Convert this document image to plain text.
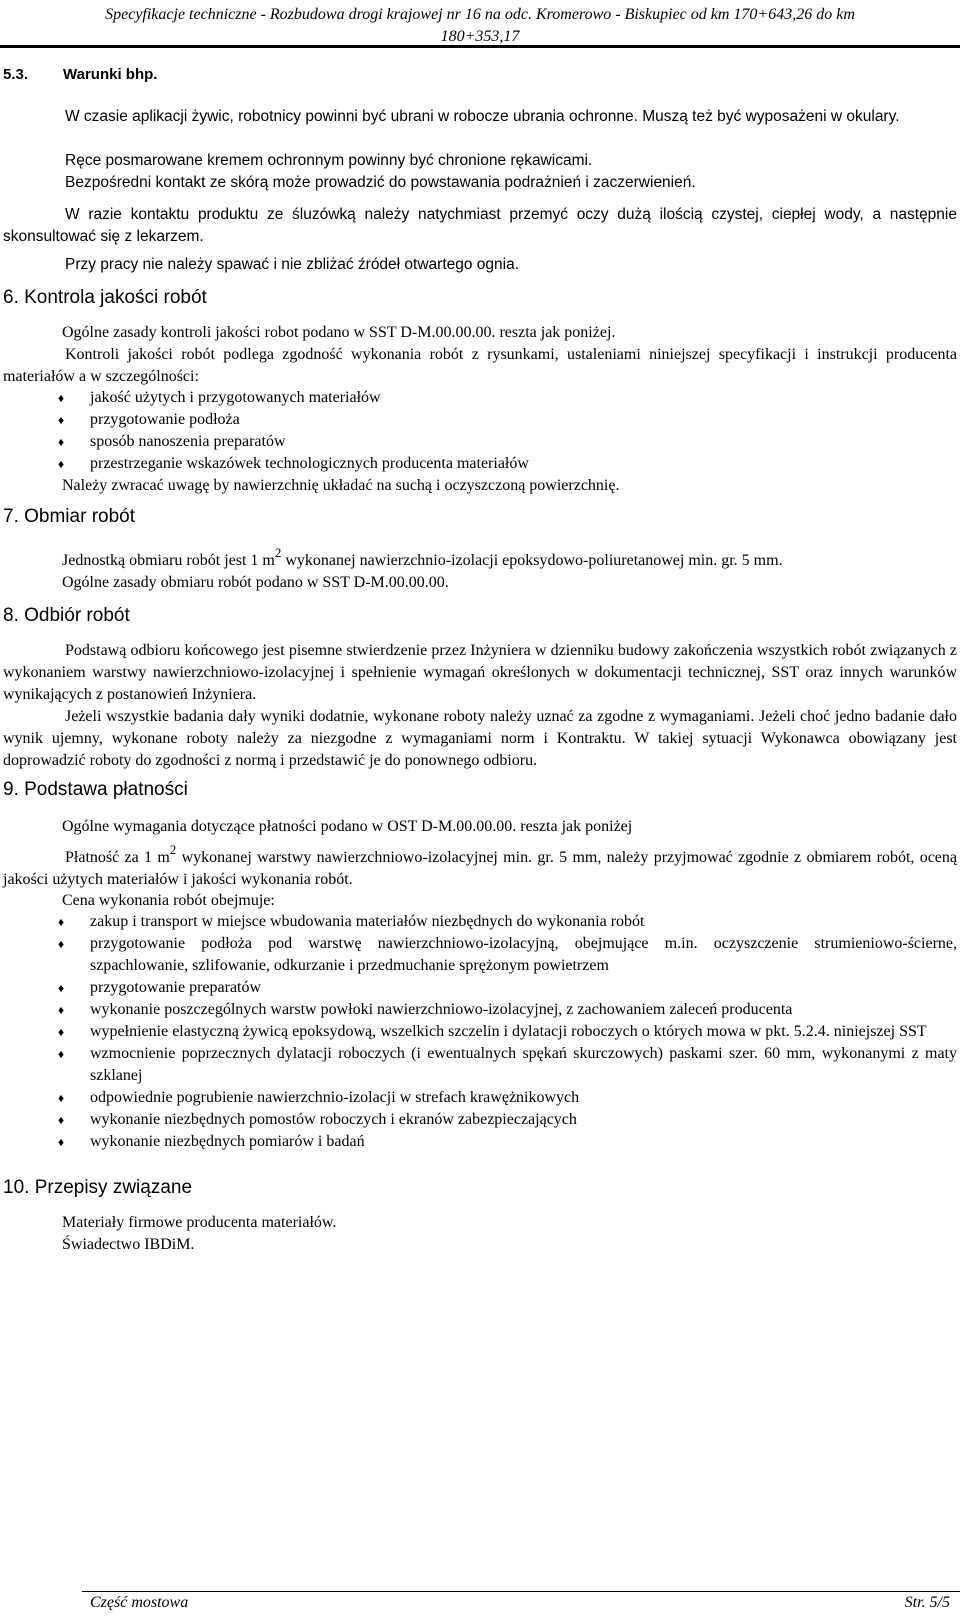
Specyfikacje techniczne - Rozbudowa drogi krajowej nr 16 na odc. Kromerowo - Biskupiec od km 170+643,26 do km
180+353,17
5.3. Warunki bhp.
W czasie aplikacji żywic, robotnicy powinni być ubrani w robocze ubrania ochronne. Muszą też być wyposażeni w okulary.
Ręce posmarowane kremem ochronnym powinny być chronione rękawicami.
Bezpośredni kontakt ze skórą może prowadzić do powstawania podrażnień i zaczerwienień.
W razie kontaktu produktu ze śluzówką należy natychmiast przemyć oczy dużą ilością czystej, ciepłej wody, a następnie skonsultować się z lekarzem.
Przy pracy nie należy spawać i nie zbliżać źródeł otwartego ognia.
6. Kontrola jakości robót
Ogólne zasady kontroli jakości robot podano w SST D-M.00.00.00. reszta jak poniżej.
Kontroli jakości robót podlega zgodność wykonania robót z rysunkami, ustaleniami niniejszej specyfikacji i instrukcji producenta materiałów a w szczególności:
♦ jakość użytych i przygotowanych materiałów
♦ przygotowanie podłoża
♦ sposób nanoszenia preparatów
♦ przestrzeganie wskazówek technologicznych producenta materiałów
Należy zwracać uwagę by nawierzchnię układać na suchą i oczyszczoną powierzchnię.
7. Obmiar robót
Jednostką obmiaru robót jest 1 $m^2$ wykonanej nawierzchnio-izolacji epoksydowo-poliuretanowej min. gr. 5 mm.
Ogólne zasady obmiaru robót podano w SST D-M.00.00.00.
8. Odbiór robót
Podstawą odbioru końcowego jest pisemne stwierdzenie przez Inżyniera w dzienniku budowy zakończenia wszystkich robót związanych z wykonaniem warstwy nawierzchniowo-izolacyjnej i spełnienie wymagań określonych w dokumentacji technicznej, SST oraz innych warunków wynikających z postanowień Inżyniera.
Jeżeli wszystkie badania dały wyniki dodatnie, wykonane roboty należy uznać za zgodne z wymaganiami. Jeżeli choć jedno badanie dało wynik ujemny, wykonane roboty należy za niezgodne z wymaganiami norm i Kontraktu. W takiej sytuacji Wykonawca obowiązany jest doprowadzić roboty do zgodności z normą i przedstawić je do ponownego odbioru.
9. Podstawa płatności
Ogólne wymagania dotyczące płatności podano w OST D-M.00.00.00. reszta jak poniżej
Płatność za 1 $m^2$ wykonanej warstwy nawierzchniowo-izolacyjnej min. gr. 5 mm, należy przyjmować zgodnie z obmiarem robót, oceną jakości użytych materiałów i jakości wykonania robót.
Cena wykonania robót obejmuje:
♦ zakup i transport w miejsce wbudowania materiałów niezbędnych do wykonania robót
♦ przygotowanie podłoża pod warstwę nawierzchniowo-izolacyjną, obejmujące m.in. oczyszczenie strumieniowo-ścierne, szpachlowanie, szlifowanie, odkurzanie i przedmuchanie sprężonym powietrzem
♦ przygotowanie preparatów
♦ wykonanie poszczególnych warstw powłoki nawierzchniowo-izolacyjnej, z zachowaniem zaleceń producenta
♦ wypełnienie elastyczną żywicą epoksydową, wszelkich szczelin i dylatacji roboczych o których mowa w pkt. 5.2.4. niniejszej SST
♦ wzmocnienie poprzecznych dylatacji roboczych (i ewentualnych spękań skurczowych) paskami szer. 60 mm, wykonanymi z maty szklanej
♦ odpowiednie pogrubienie nawierzchnio-izolacji w strefach krawężnikowych
♦ wykonanie niezbędnych pomostów roboczych i ekranów zabezpieczających
♦ wykonanie niezbędnych pomiarów i badań
10. Przepisy związane
Materiały firmowe producenta materiałów.
Świadectwo IBDiM.
Część mostowa	Str. 5/5
